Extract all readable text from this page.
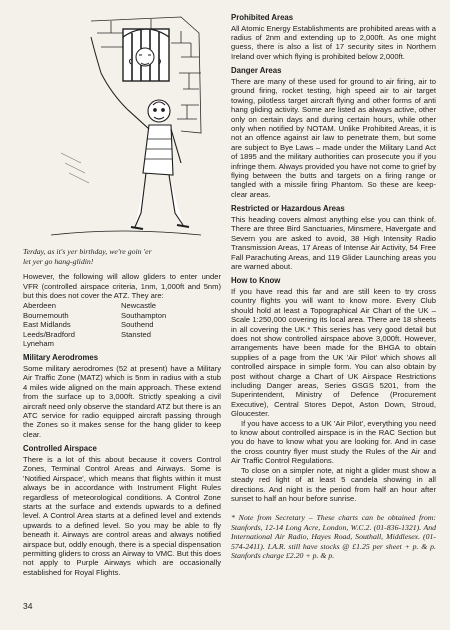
Terday, as it's yer birthday, we're goin 'er
let yer go hang-glidin!

However, the following will allow gliders to enter under VFR (controlled airspace criteria, 1nm, 1,000ft and 5nm) but this does not cover the ATZ. They are:

Aberdeen	Newcastle
Bournemouth	Southampton
East Midlands	Southend
Leeds/Bradford	Stansted
Lyneham
Military Aerodromes

Some military aerodromes (52 at present) have a Military Air Traffic Zone (MATZ) which is 5nm in radius with a stub 4 miles wide aligned on the main approach. These extend from the surface up to 3,000ft. Strictly speaking a civil aircraft need only observe the standard ATZ but there is an ATC service for radio equipped aircraft passing through the Zones so it makes sense for the hang glider to keep clear.

Controlled Airspace

There is a lot of this about because it covers Control Zones, Terminal Control Areas and Airways. Some is 'Notified Airspace', which means that flights within it must always be in accordance with Instrument Flight Rules regardless of meteorological conditions. A Control Zone starts at the surface and extends upwards to a defined level. A Control Area starts at a defined level and extends upwards to a defined level. So you may be able to fly beneath it. Airways are control areas and always notified airspace but, oddly enough, there is a special dispensation permitting gliders to cross an Airway to VMC. But this does not apply to Purple Airways which are occasionally established for Royal Flights.

Prohibited Areas

All Atomic Energy Establishments are prohibited areas with a radius of 2nm and extending up to 2,000ft. As one might guess, there is also a list of 17 security sites in Northern Ireland over which flying is prohibited below 2,000ft.

Danger Areas

There are many of these used for ground to air firing, air to ground firing, rocket testing, high speed air to air target towing, pilotless target aircraft flying and other forms of anti hang gliding activity. Some are listed as always active, other only on certain days and during certain hours, while other only when notified by NOTAM. Unlike Prohibited Areas, it is not an offence against air law to penetrate them, but some are subject to Bye Laws – made under the Military Land Act of 1895 and the military authorities can prosecute you if you infringe them. Always provided you have not come to grief by flying between the butts and targets on a firing range or tangled with a missile firing Phantom. So these are keep-clear areas.

Restricted or Hazardous Areas

This heading covers almost anything else you can think of. There are three Bird Sanctuaries, Minsmere, Havergate and Severn you are asked to avoid, 38 High Intensity Radio Transmission Areas, 17 Areas of Intense Air Activity, 54 Free Fall Parachuting Areas, and 119 Glider Launching areas you are warned about.

How to Know

If you have read this far and are still keen to try cross country flights you will want to know more. Every Club should hold at least a Topographical Air Chart of the UK – Scale 1:250,000 covering its local area. There are 18 sheets in all covering the UK.* This series has very good detail but does not show controlled airspace above 3,000ft. However, arrangements have been made for the BHGA to obtain supplies of a page from the UK 'Air Pilot' which shows all controlled airspace in simple form. You can also obtain by post without charge a Chart of UK Airspace Restrictions including Danger areas, Series GSGS 5201, from the Superintendent, Ministry of Defence (Procurement Executive), Central Stores Depot, Aston Down, Stroud, Gloucester.

If you have access to a UK 'Air Pilot', everything you need to know about controlled airspace is in the RAC Section but you do have to know what you are looking for. And in case the cross country flyer must study the Rules of the Air and Air Traffic Control Regulations.

To close on a simpler note, at night a glider must show a steady red light of at least 5 candela showing in all directions. And night is the period from half an hour after sunset to half an hour before sunrise.

* Note from Secretary – These charts can be obtained from: Stanfords, 12-14 Long Acre, London, W.C.2. (01-836-1321). And International Air Radio, Hayes Road, Southall, Middlesex. (01-574-2411). I.A.R. still have stocks @ £1.25 per sheet + p. & p. Stanfords charge £2.20 + p. & p.

34
